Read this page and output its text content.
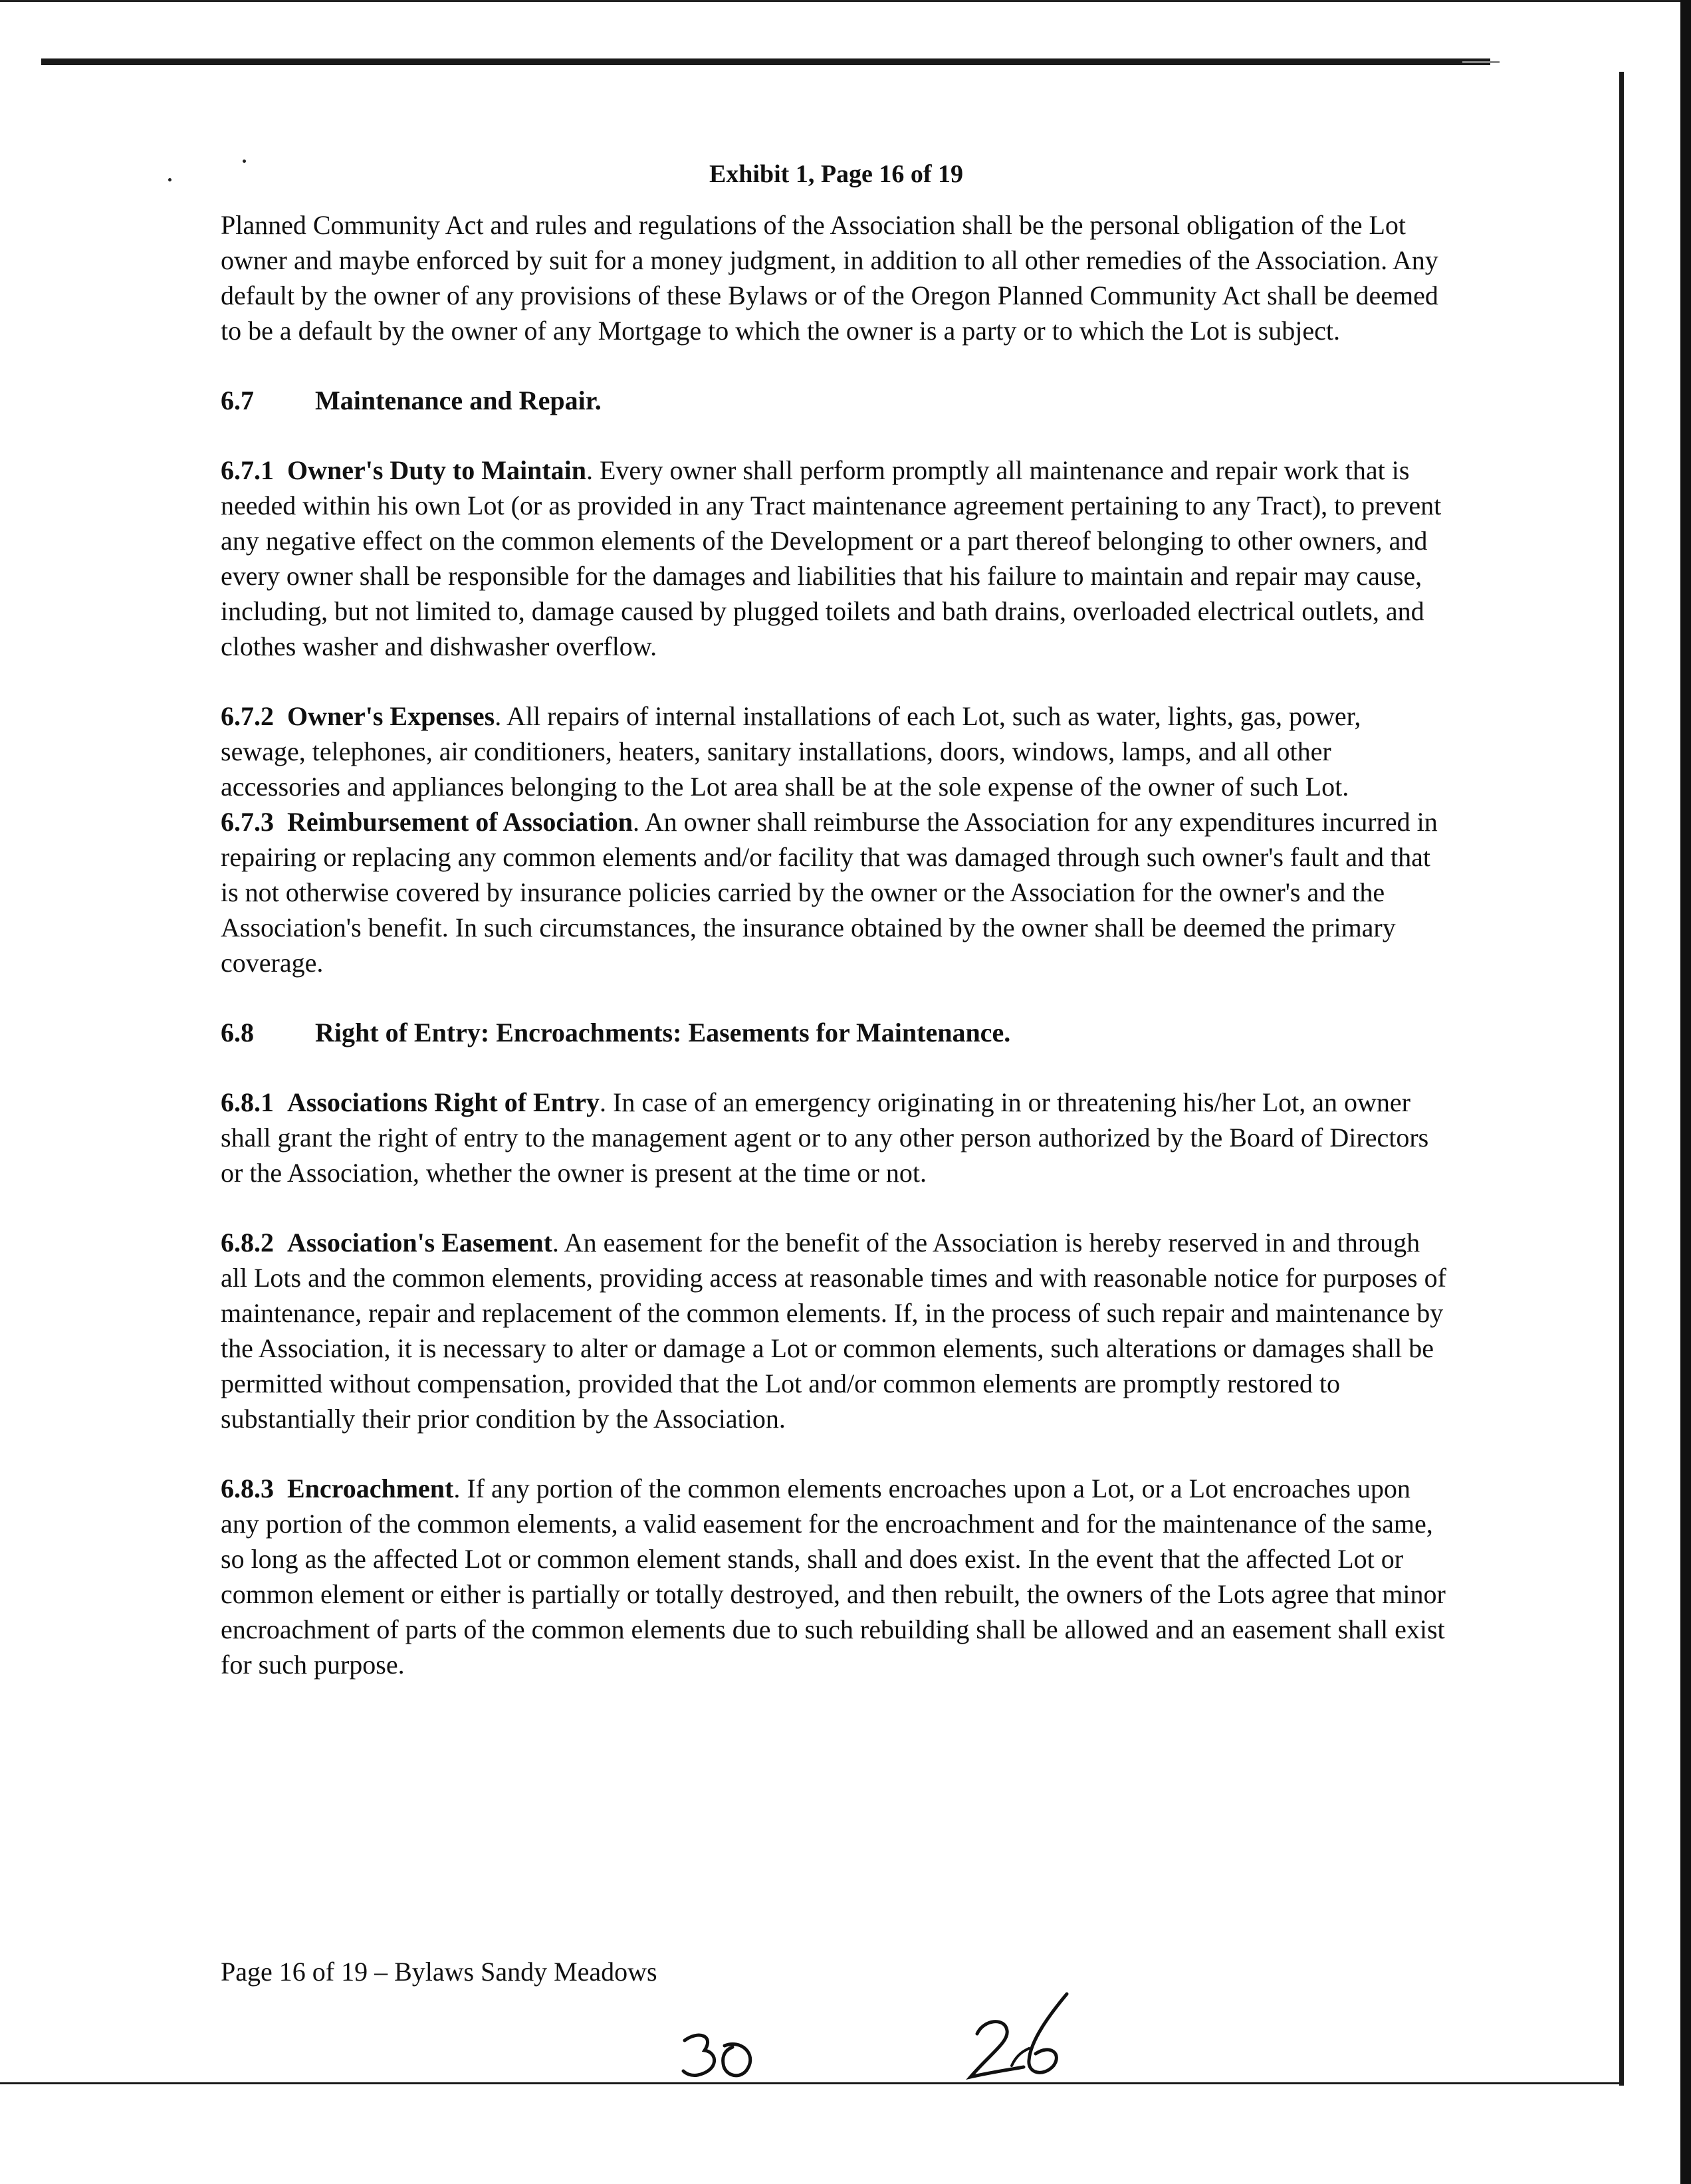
Exhibit 1, Page 16 of 19

Planned Community Act and rules and regulations of the Association shall be the personal obligation of the Lot owner and maybe enforced by suit for a money judgment, in addition to all other remedies of the Association. Any default by the owner of any provisions of these Bylaws or of the Oregon Planned Community Act shall be deemed to be a default by the owner of any Mortgage to which the owner is a party or to which the Lot is subject.

6.7 Maintenance and Repair.

6.7.1 Owner's Duty to Maintain. Every owner shall perform promptly all maintenance and repair work that is needed within his own Lot (or as provided in any Tract maintenance agreement pertaining to any Tract), to prevent any negative effect on the common elements of the Development or a part thereof belonging to other owners, and every owner shall be responsible for the damages and liabilities that his failure to maintain and repair may cause, including, but not limited to, damage caused by plugged toilets and bath drains, overloaded electrical outlets, and clothes washer and dishwasher overflow.

6.7.2 Owner's Expenses. All repairs of internal installations of each Lot, such as water, lights, gas, power, sewage, telephones, air conditioners, heaters, sanitary installations, doors, windows, lamps, and all other accessories and appliances belonging to the Lot area shall be at the sole expense of the owner of such Lot.

6.7.3 Reimbursement of Association. An owner shall reimburse the Association for any expenditures incurred in repairing or replacing any common elements and/or facility that was damaged through such owner's fault and that is not otherwise covered by insurance policies carried by the owner or the Association for the owner's and the Association's benefit. In such circumstances, the insurance obtained by the owner shall be deemed the primary coverage.

6.8 Right of Entry: Encroachments: Easements for Maintenance.

6.8.1 Associations Right of Entry. In case of an emergency originating in or threatening his/her Lot, an owner shall grant the right of entry to the management agent or to any other person authorized by the Board of Directors or the Association, whether the owner is present at the time or not.

6.8.2 Association's Easement. An easement for the benefit of the Association is hereby reserved in and through all Lots and the common elements, providing access at reasonable times and with reasonable notice for purposes of maintenance, repair and replacement of the common elements. If, in the process of such repair and maintenance by the Association, it is necessary to alter or damage a Lot or common elements, such alterations or damages shall be permitted without compensation, provided that the Lot and/or common elements are promptly restored to substantially their prior condition by the Association.

6.8.3 Encroachment. If any portion of the common elements encroaches upon a Lot, or a Lot encroaches upon any portion of the common elements, a valid easement for the encroachment and for the maintenance of the same, so long as the affected Lot or common element stands, shall and does exist. In the event that the affected Lot or common element or either is partially or totally destroyed, and then rebuilt, the owners of the Lots agree that minor encroachment of parts of the common elements due to such rebuilding shall be allowed and an easement shall exist for such purpose.

Page 16 of 19 – Bylaws Sandy Meadows
